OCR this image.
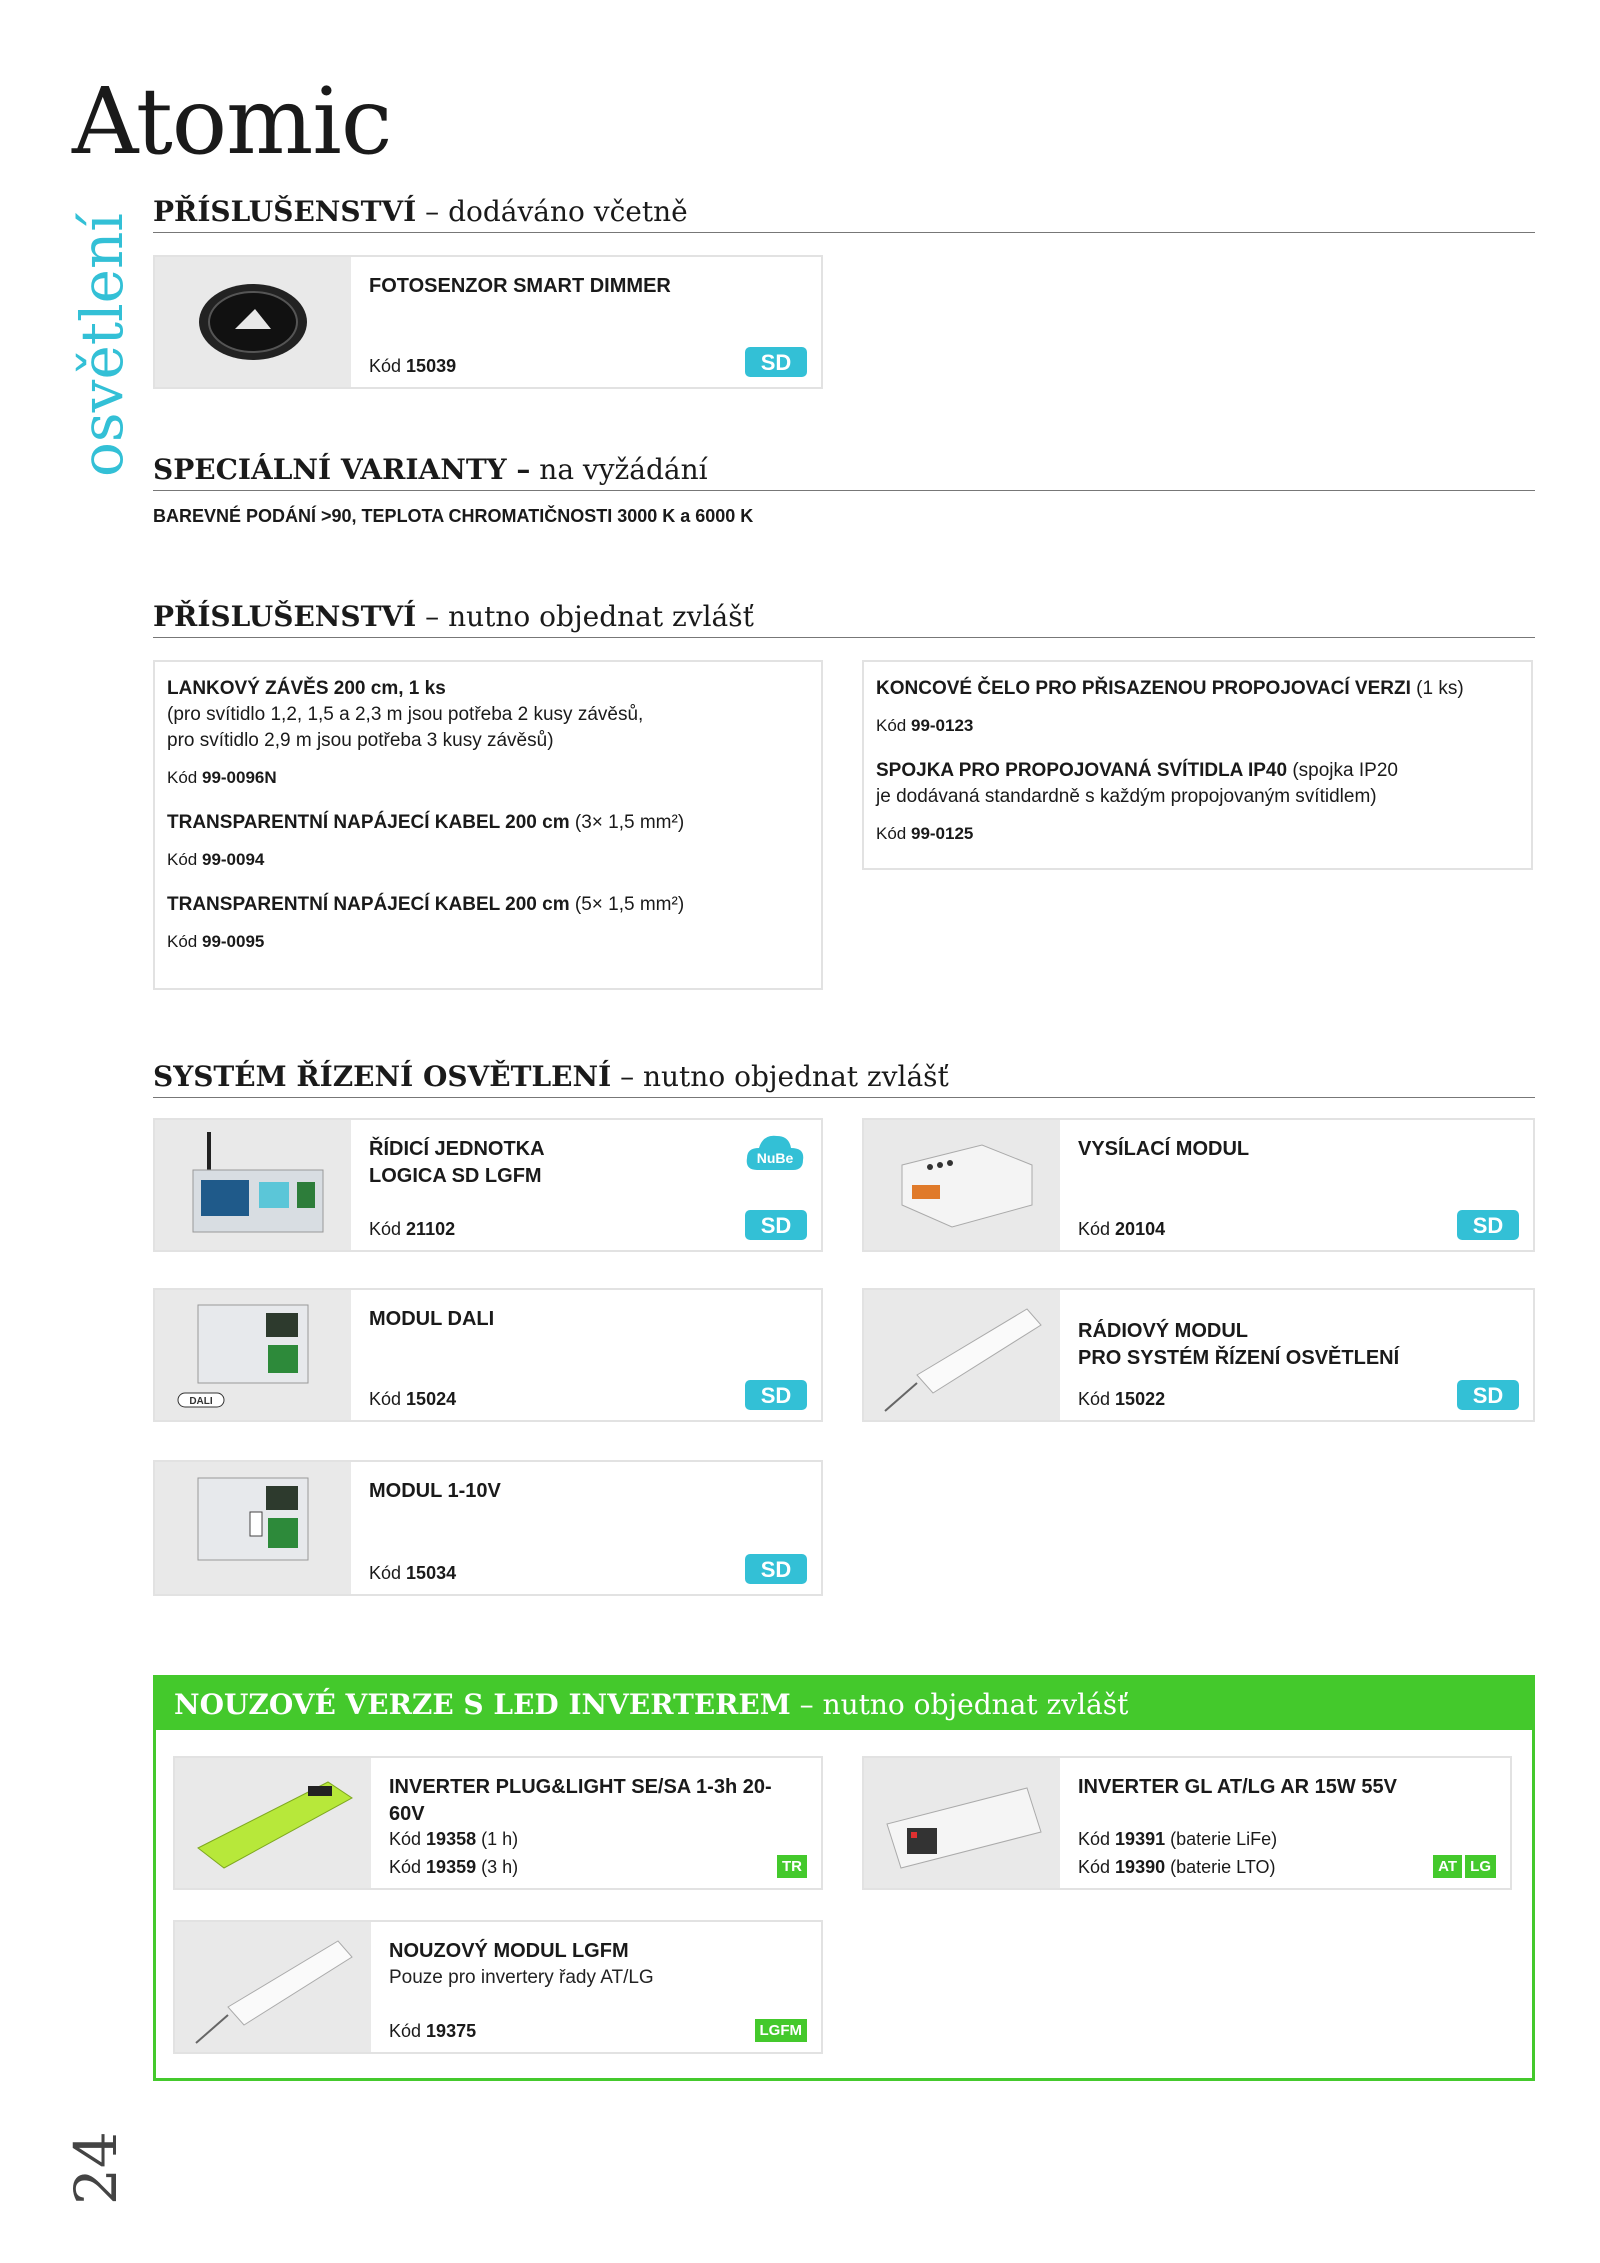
Atomic
osvětlení
24
PŘÍSLUŠENSTVÍ – dodáváno včetně
FOTOSENZOR SMART DIMMER
Kód 15039	SD
SPECIÁLNÍ VARIANTY – na vyžádání
BAREVNÉ PODÁNÍ >90, TEPLOTA CHROMATIČNOSTI 3000 K a 6000 K
PŘÍSLUŠENSTVÍ – nutno objednat zvlášť
LANKOVÝ ZÁVĚS 200 cm, 1 ks
(pro svítidlo 1,2, 1,5 a 2,3 m jsou potřeba 2 kusy závěsů,
pro svítidlo 2,9 m jsou potřeba 3 kusy závěsů)
Kód 99-0096N
TRANSPARENTNÍ NAPÁJECÍ KABEL 200 cm (3× 1,5 mm²)
Kód 99-0094
TRANSPARENTNÍ NAPÁJECÍ KABEL 200 cm (5× 1,5 mm²)
Kód 99-0095
KONCOVÉ ČELO PRO PŘISAZENOU PROPOJOVACÍ VERZI (1 ks)
Kód 99-0123
SPOJKA PRO PROPOJOVANÁ SVÍTIDLA IP40 (spojka IP20
je dodávaná standardně s každým propojovaným svítidlem)
Kód 99-0125
SYSTÉM ŘÍZENÍ OSVĚTLENÍ – nutno objednat zvlášť
ŘÍDICÍ JEDNOTKA
LOGICA SD LGFM
Kód 21102
NuBe
SD
VYSÍLACÍ MODUL
Kód 20104	SD
DALI
MODUL DALI
Kód 15024	SD
RÁDIOVÝ MODUL
PRO SYSTÉM ŘÍZENÍ OSVĚTLENÍ
Kód 15022	SD
MODUL 1-10V
Kód 15034	SD
NOUZOVÉ VERZE S LED INVERTEREM – nutno objednat zvlášť
INVERTER PLUG&LIGHT SE/SA 1-3h 20-60V
Kód 19358 (1 h)
Kód 19359 (3 h)	TR
INVERTER GL AT/LG AR 15W 55V
Kód 19391 (baterie LiFe)
Kód 19390 (baterie LTO)	AT LG
NOUZOVÝ MODUL LGFM
Pouze pro invertery řady AT/LG
Kód 19375	LGFM
